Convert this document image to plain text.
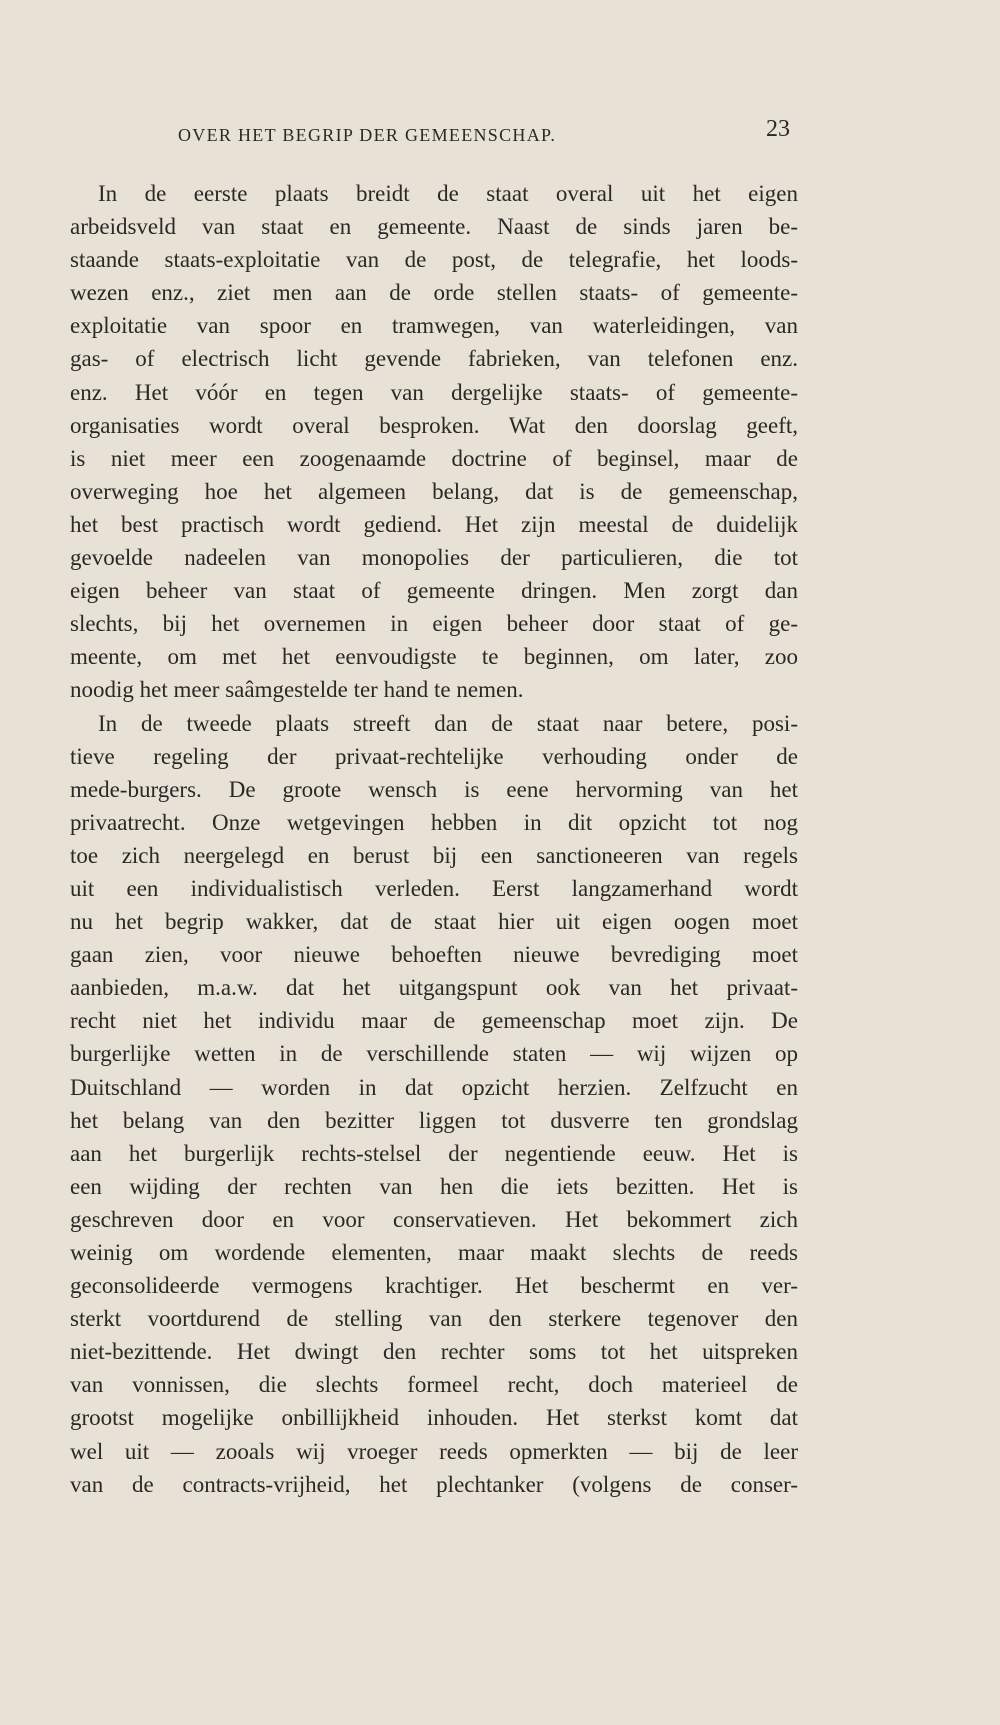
OVER HET BEGRIP DER GEMEENSCHAP.	23
In de eerste plaats breidt de staat overal uit het eigen
arbeidsveld van staat en gemeente. Naast de sinds jaren be-
staande staats-exploitatie van de post, de telegrafie, het loods-
wezen enz., ziet men aan de orde stellen staats- of gemeente-
exploitatie van spoor en tramwegen, van waterleidingen, van
gas- of electrisch licht gevende fabrieken, van telefonen enz.
enz. Het vóór en tegen van dergelijke staats- of gemeente-
organisaties wordt overal besproken. Wat den doorslag geeft,
is niet meer een zoogenaamde doctrine of beginsel, maar de
overweging hoe het algemeen belang, dat is de gemeenschap,
het best practisch wordt gediend. Het zijn meestal de duidelijk
gevoelde nadeelen van monopolies der particulieren, die tot
eigen beheer van staat of gemeente dringen. Men zorgt dan
slechts, bij het overnemen in eigen beheer door staat of ge-
meente, om met het eenvoudigste te beginnen, om later, zoo
noodig het meer saâmgestelde ter hand te nemen.
In de tweede plaats streeft dan de staat naar betere, posi-
tieve regeling der privaat-rechtelijke verhouding onder de
mede-burgers. De groote wensch is eene hervorming van het
privaatrecht. Onze wetgevingen hebben in dit opzicht tot nog
toe zich neergelegd en berust bij een sanctioneeren van regels
uit een individualistisch verleden. Eerst langzamerhand wordt
nu het begrip wakker, dat de staat hier uit eigen oogen moet
gaan zien, voor nieuwe behoeften nieuwe bevrediging moet
aanbieden, m.a.w. dat het uitgangspunt ook van het privaat-
recht niet het individu maar de gemeenschap moet zijn. De
burgerlijke wetten in de verschillende staten — wij wijzen op
Duitschland — worden in dat opzicht herzien. Zelfzucht en
het belang van den bezitter liggen tot dusverre ten grondslag
aan het burgerlijk rechts-stelsel der negentiende eeuw. Het is
een wijding der rechten van hen die iets bezitten. Het is
geschreven door en voor conservatieven. Het bekommert zich
weinig om wordende elementen, maar maakt slechts de reeds
geconsolideerde vermogens krachtiger. Het beschermt en ver-
sterkt voortdurend de stelling van den sterkere tegenover den
niet-bezittende. Het dwingt den rechter soms tot het uitspreken
van vonnissen, die slechts formeel recht, doch materieel de
grootst mogelijke onbillijkheid inhouden. Het sterkst komt dat
wel uit — zooals wij vroeger reeds opmerkten — bij de leer
van de contracts-vrijheid, het plechtanker (volgens de conser-
